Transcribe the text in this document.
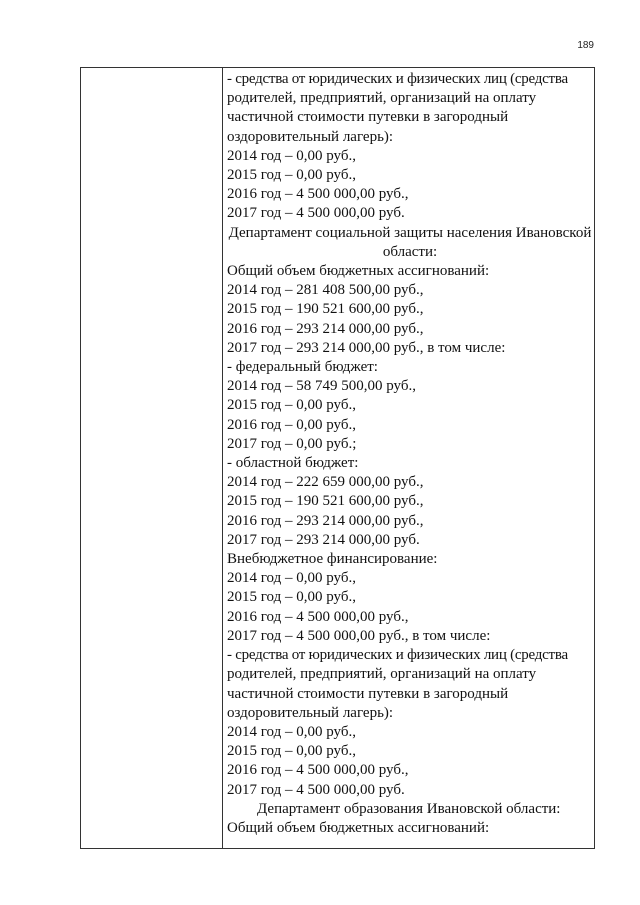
189
- средства от юридических и физических лиц (средства
родителей, предприятий, организаций на оплату
частичной стоимости путевки в загородный
оздоровительный лагерь):
2014 год – 0,00 руб.,
2015 год – 0,00 руб.,
2016 год – 4 500 000,00 руб.,
2017 год – 4 500 000,00 руб.
Департамент социальной защиты населения Ивановской области:
Общий объем бюджетных ассигнований:
2014 год – 281 408 500,00 руб.,
2015 год – 190 521 600,00 руб.,
2016 год – 293 214 000,00 руб.,
2017 год – 293 214 000,00 руб., в том числе:
- федеральный бюджет:
2014 год – 58 749 500,00 руб.,
2015 год – 0,00 руб.,
2016 год – 0,00 руб.,
2017 год – 0,00 руб.;
- областной бюджет:
2014 год – 222 659 000,00 руб.,
2015 год – 190 521 600,00 руб.,
2016 год – 293 214 000,00 руб.,
2017 год – 293 214 000,00 руб.
Внебюджетное финансирование:
2014 год – 0,00 руб.,
2015 год – 0,00 руб.,
2016 год – 4 500 000,00 руб.,
2017 год – 4 500 000,00 руб., в том числе:
- средства от юридических и физических лиц (средства
родителей, предприятий, организаций на оплату
частичной стоимости путевки в загородный
оздоровительный лагерь):
2014 год – 0,00 руб.,
2015 год – 0,00 руб.,
2016 год – 4 500 000,00 руб.,
2017 год – 4 500 000,00 руб.
Департамент образования Ивановской области:
Общий объем бюджетных ассигнований:
